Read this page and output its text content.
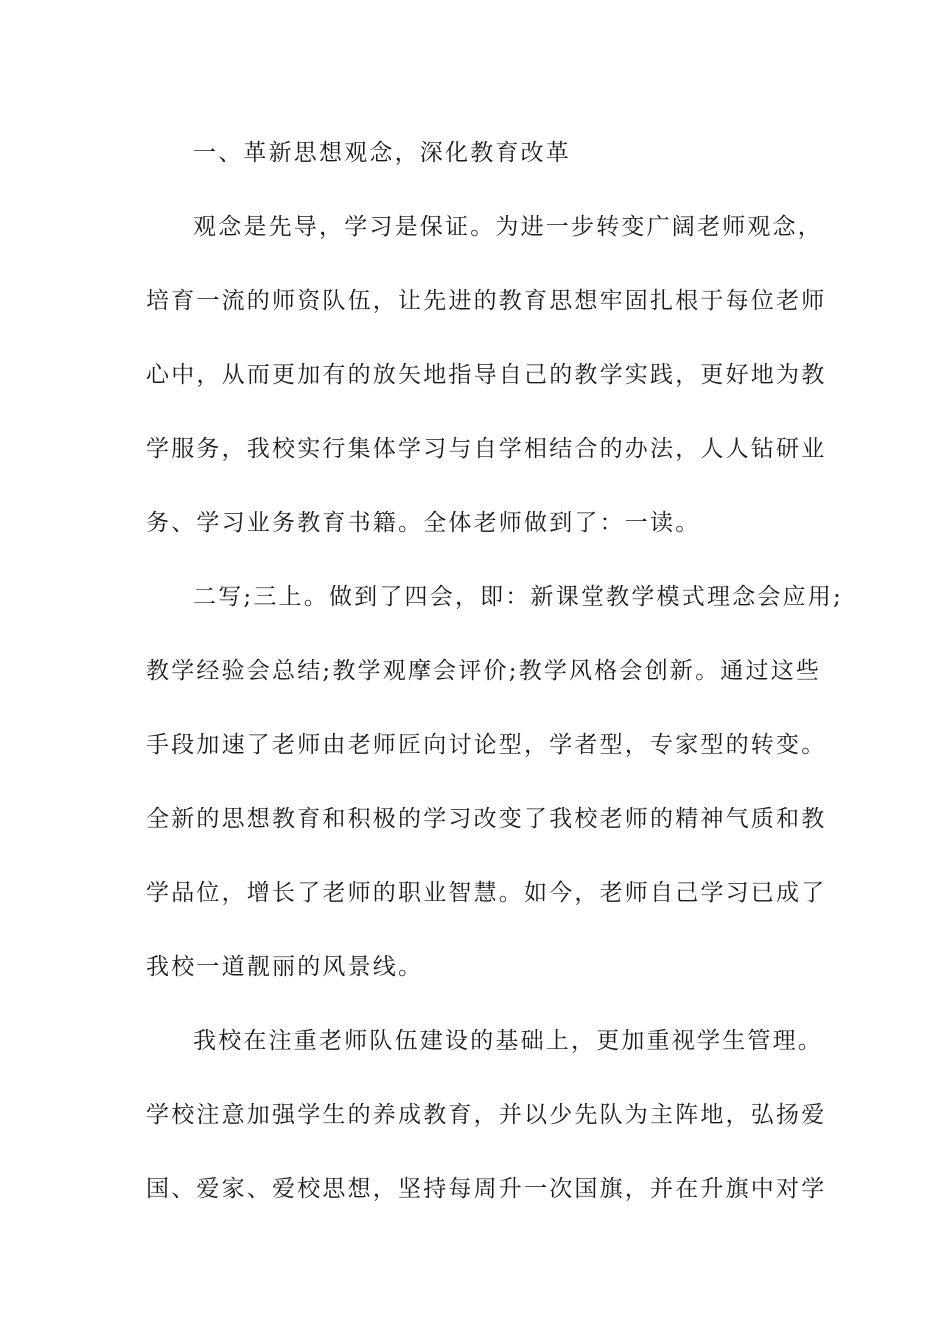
一、革新思想观念，深化教育改革
观念是先导，学习是保证。为进一步转变广阔老师观念，
培育一流的师资队伍，让先进的教育思想牢固扎根于每位老师
心中，从而更加有的放矢地指导自己的教学实践，更好地为教
学服务，我校实行集体学习与自学相结合的办法，人人钻研业
务、学习业务教育书籍。全体老师做到了：一读。
二写;三上。做到了四会，即：新课堂教学模式理念会应用;
教学经验会总结;教学观摩会评价;教学风格会创新。通过这些
手段加速了老师由老师匠向讨论型，学者型，专家型的转变。
全新的思想教育和积极的学习改变了我校老师的精神气质和教
学品位，增长了老师的职业智慧。如今，老师自己学习已成了
我校一道靓丽的风景线。
我校在注重老师队伍建设的基础上，更加重视学生管理。
学校注意加强学生的养成教育，并以少先队为主阵地，弘扬爱
国、爱家、爱校思想，坚持每周升一次国旗，并在升旗中对学
